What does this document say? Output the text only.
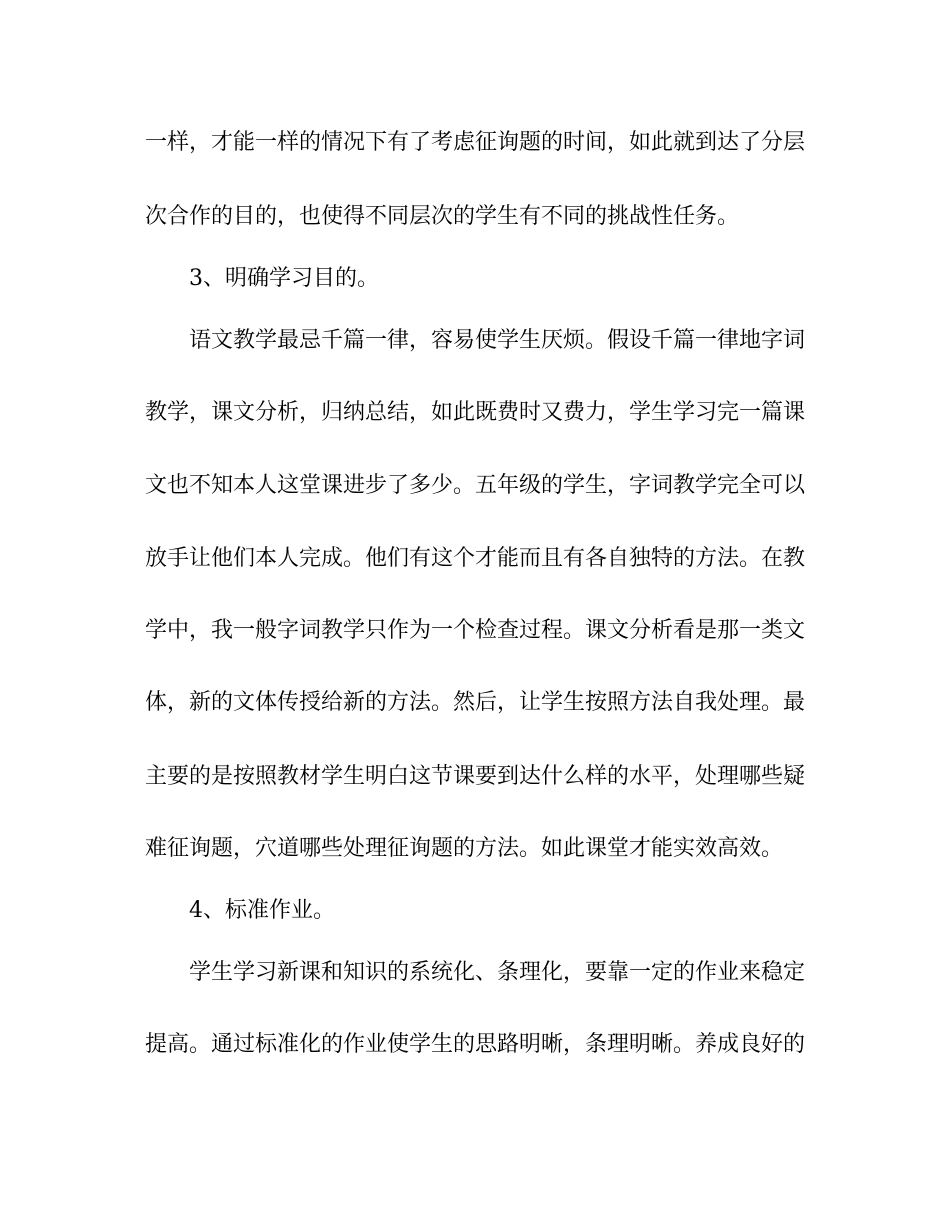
一样，才能一样的情况下有了考虑征询题的时间，如此就到达了分层
次合作的目的，也使得不同层次的学生有不同的挑战性任务。
3、明确学习目的。
语文教学最忌千篇一律，容易使学生厌烦。假设千篇一律地字词
教学，课文分析，归纳总结，如此既费时又费力，学生学习完一篇课
文也不知本人这堂课进步了多少。五年级的学生，字词教学完全可以
放手让他们本人完成。他们有这个才能而且有各自独特的方法。在教
学中，我一般字词教学只作为一个检查过程。课文分析看是那一类文
体，新的文体传授给新的方法。然后，让学生按照方法自我处理。最
主要的是按照教材学生明白这节课要到达什么样的水平，处理哪些疑
难征询题，穴道哪些处理征询题的方法。如此课堂才能实效高效。
4、标准作业。
学生学习新课和知识的系统化、条理化，要靠一定的作业来稳定
提高。通过标准化的作业使学生的思路明晰，条理明晰。养成良好的
